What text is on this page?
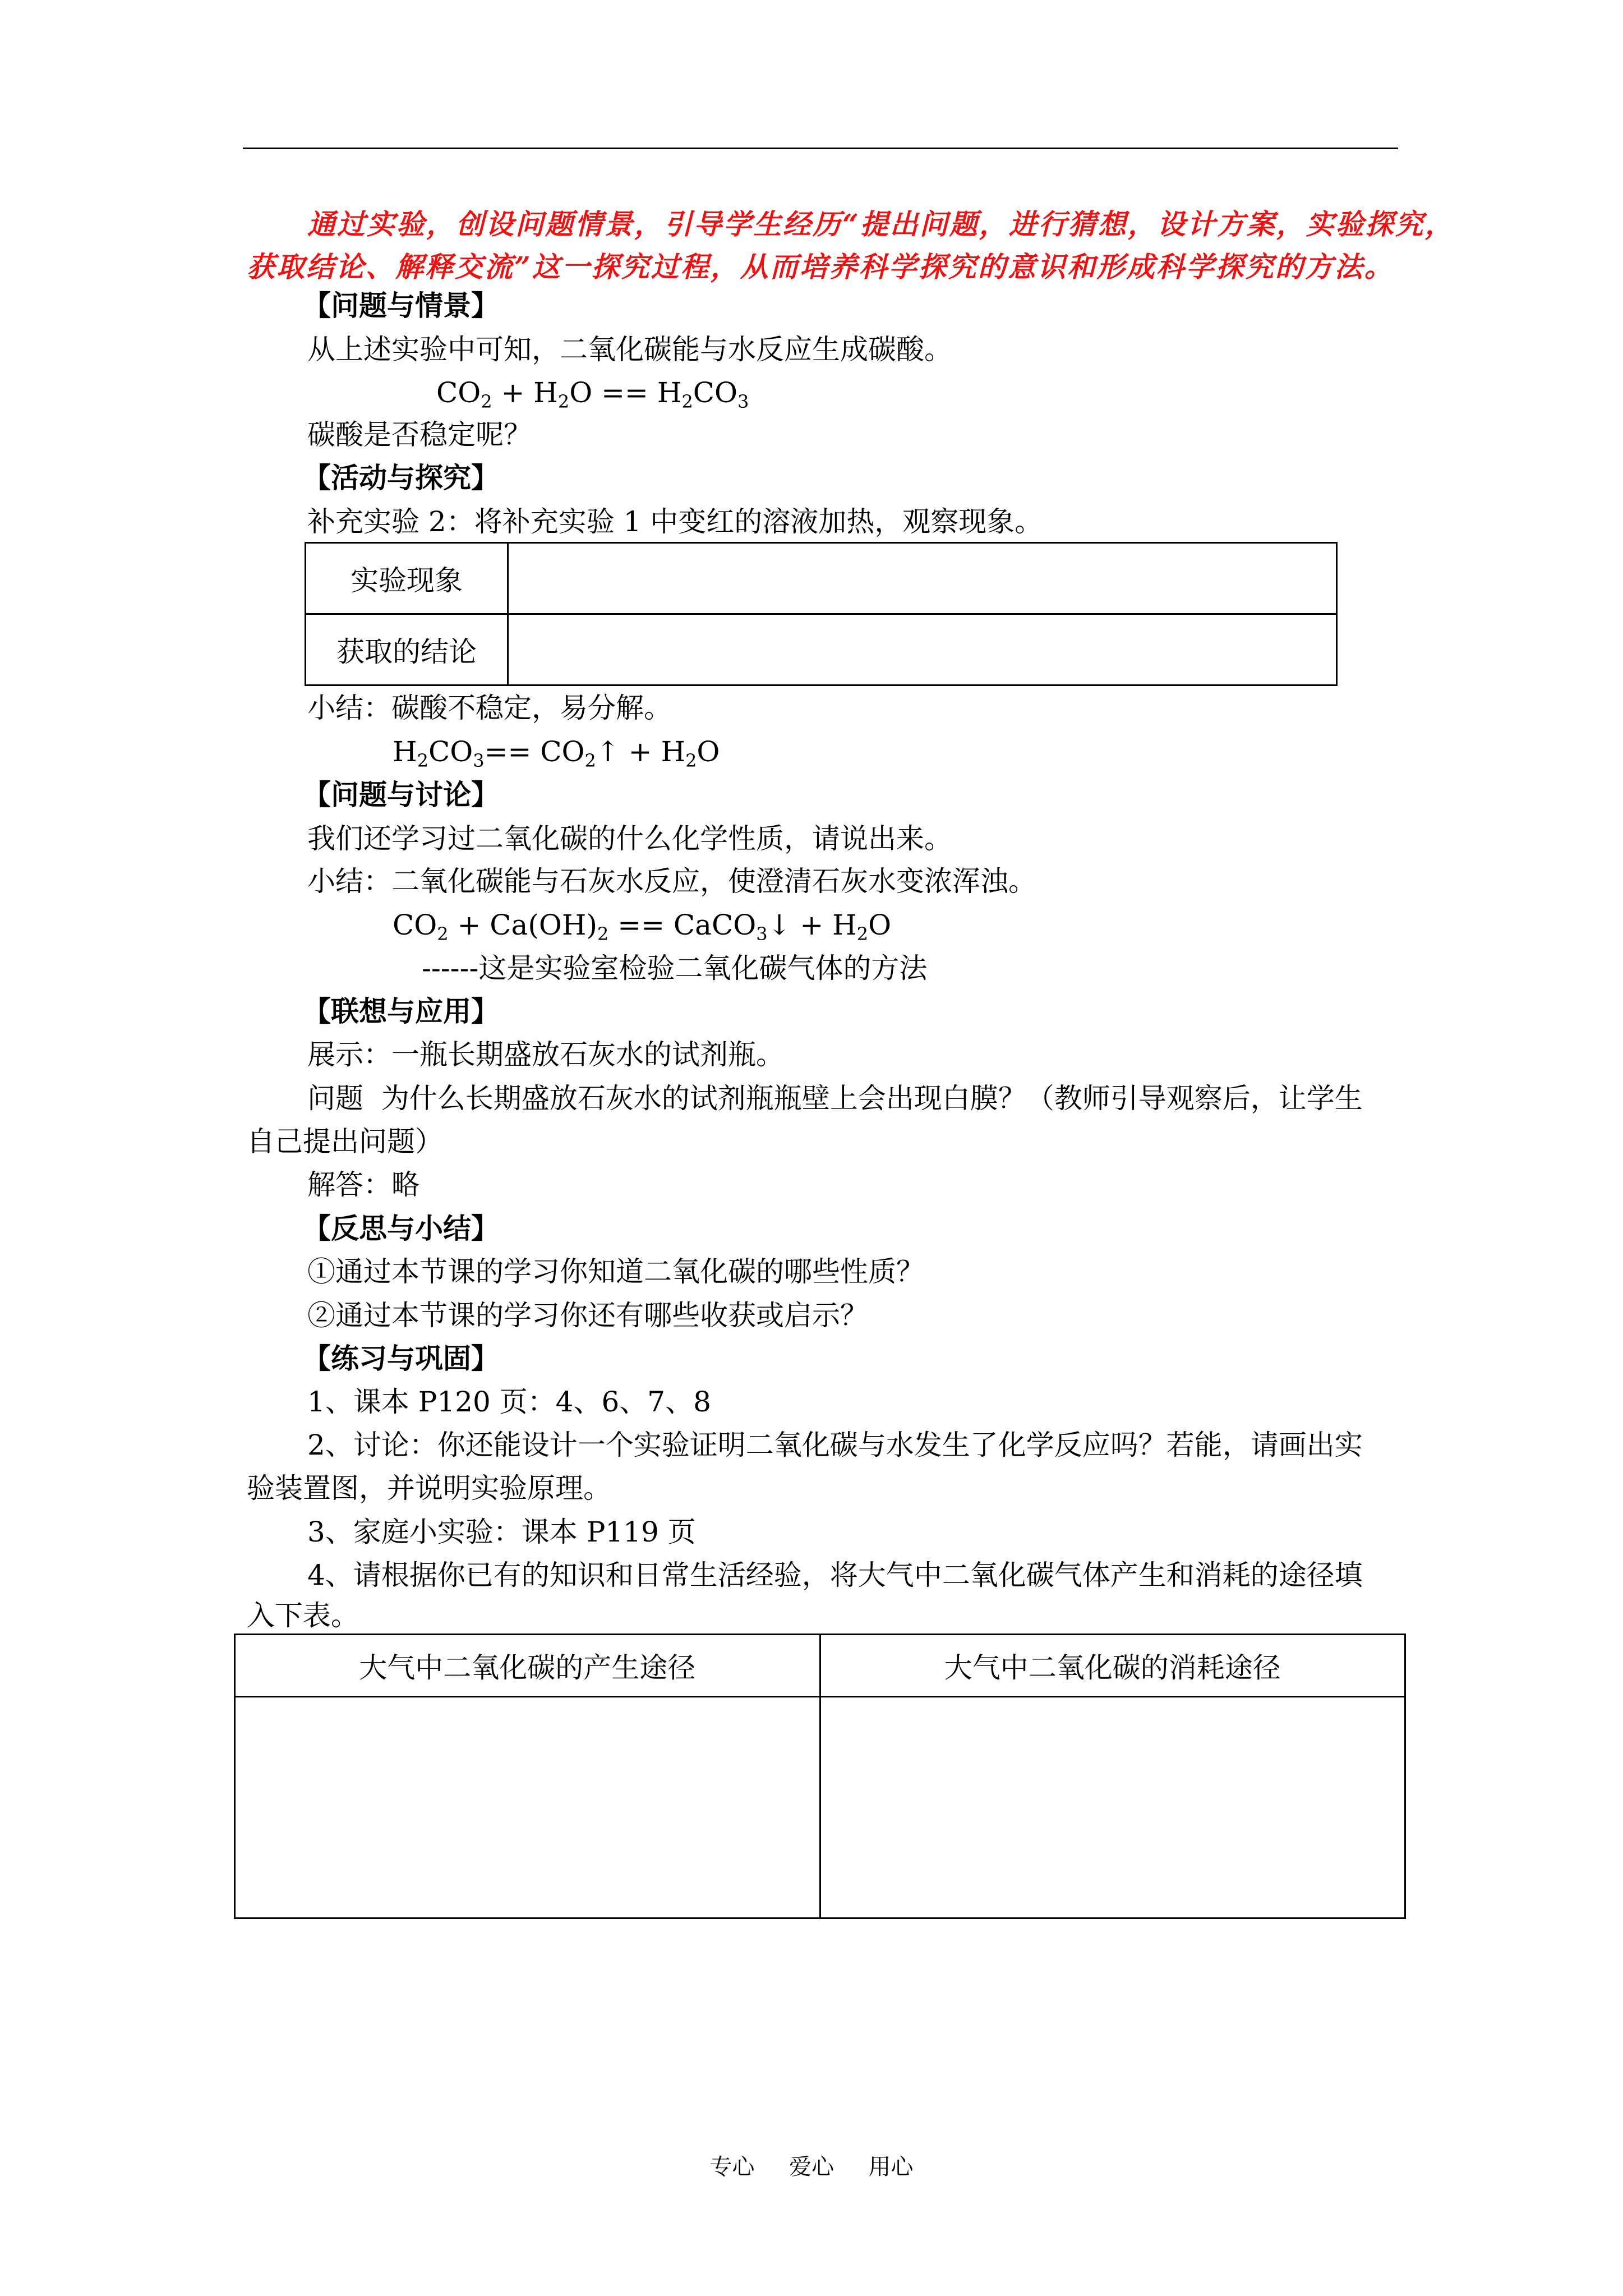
通过实验，创设问题情景，引导学生经历“提出问题，进行猜想，设计方案，实验探究，
获取结论、解释交流”这一探究过程，从而培养科学探究的意识和形成科学探究的方法。
【问题与情景】
从上述实验中可知，二氧化碳能与水反应生成碳酸。
$CO_2 + H_2O == H_2CO_3$
碳酸是否稳定呢？
【活动与探究】
补充实验 2：将补充实验 1 中变红的溶液加热，观察现象。
实验现象	
获取的结论	
小结：碳酸不稳定，易分解。
$H_2CO_3==$ $CO_2↑ + H_2O$
【问题与讨论】
我们还学习过二氧化碳的什么化学性质，请说出来。
小结：二氧化碳能与石灰水反应，使澄清石灰水变浓浑浊。
$CO_2 + Ca(OH)_2$ == CaCO$_3$↓ + $H_2O$
------这是实验室检验二氧化碳气体的方法
【联想与应用】
展示：一瓶长期盛放石灰水的试剂瓶。
问题  为什么长期盛放石灰水的试剂瓶瓶壁上会出现白膜？（教师引导观察后，让学生
自己提出问题）
解答：略
【反思与小结】
①通过本节课的学习你知道二氧化碳的哪些性质？
②通过本节课的学习你还有哪些收获或启示？
【练习与巩固】
1、课本 P120 页：4、6、7、8
2、讨论：你还能设计一个实验证明二氧化碳与水发生了化学反应吗？若能，请画出实
验装置图，并说明实验原理。
3、家庭小实验：课本 P119 页
4、请根据你已有的知识和日常生活经验，将大气中二氧化碳气体产生和消耗的途径填
入下表。
大气中二氧化碳的产生途径	大气中二氧化碳的消耗途径

专心  爱心  用心
